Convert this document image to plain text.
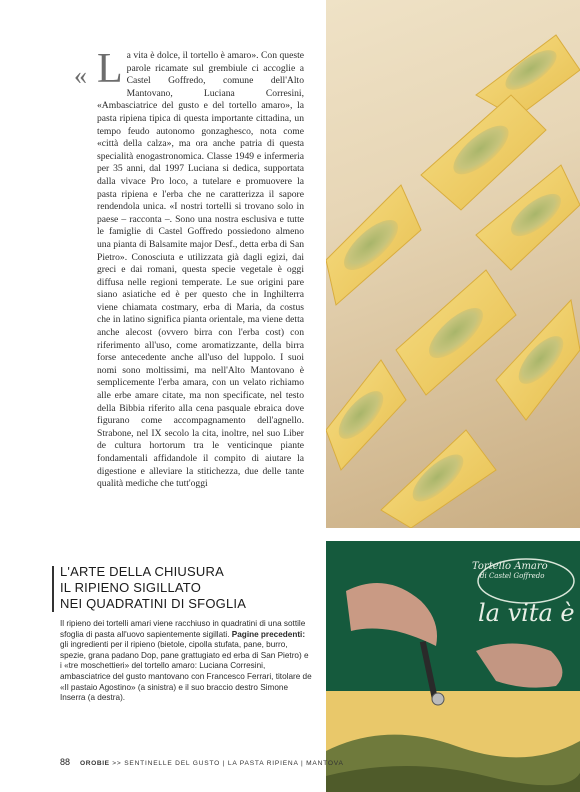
« L a vita è dolce, il tortello è amaro». Con queste parole ricamate sul grembiule ci accoglie a Castel Goffredo, comune dell'Alto Mantovano, Luciana Corresini, «Ambasciatrice del gusto e del tortello amaro», la pasta ripiena tipica di questa importante cittadina, un tempo feudo autonomo gonzaghesco, nota come «città della calza», ma ora anche patria di questa specialità enogastronomica. Classe 1949 e infermeria per 35 anni, dal 1997 Luciana si dedica, supportata dalla vivace Pro loco, a tutelare e promuovere la pasta ripiena e l'erba che ne caratterizza il sapore rendendola unica. «I nostri tortelli si trovano solo in paese – racconta –. Sono una nostra esclusiva e tutte le famiglie di Castel Goffredo possiedono almeno una pianta di Balsamite major Desf., detta erba di San Pietro». Conosciuta e utilizzata già dagli egizi, dai greci e dai romani, questa specie vegetale è oggi diffusa nelle regioni temperate. Le sue origini pare siano asiatiche ed è per questo che in Inghilterra viene chiamata costmary, erba di Maria, da costus che in latino significa pianta orientale, ma viene detta anche alecost (ovvero birra con l'erba cost) con riferimento all'uso, come aromatizzante, della birra forse antecedente anche all'uso del luppolo. I suoi nomi sono moltissimi, ma nell'Alto Mantovano è semplicemente l'erba amara, con un velato richiamo alle erbe amare citate, ma non specificate, nel testo della Bibbia riferito alla cena pasquale ebraica dove figurano come accompagnamento dell'agnello. Strabone, nel IX secolo la cita, inoltre, nel suo Liber de cultura hortorum tra le venticinque piante fondamentali affidandole il compito di aiutare la digestione e alleviare la stitichezza, due delle tante qualità mediche che tutt'oggi

Tortello Amaro
di Castel Goffredo
la vita è
L'ARTE DELLA CHIUSURA
IL RIPIENO SIGILLATO
NEI QUADRATINI DI SFOGLIA
Il ripieno dei tortelli amari viene racchiuso in quadratini di una sottile sfoglia di pasta all'uovo sapientemente sigillati. Pagine precedenti: gli ingredienti per il ripieno (bietole, cipolla stufata, pane, burro, spezie, grana padano Dop, pane grattugiato ed erba di San Pietro) e i «tre moschettieri» del tortello amaro: Luciana Corresini, ambasciatrice del gusto mantovano con Francesco Ferrari, titolare de «Il pastaio Agostino» (a sinistra) e il suo braccio destro Simone Inserra (a destra).
88 OROBIE >> SENTINELLE DEL GUSTO | LA PASTA RIPIENA | MANTOVA
